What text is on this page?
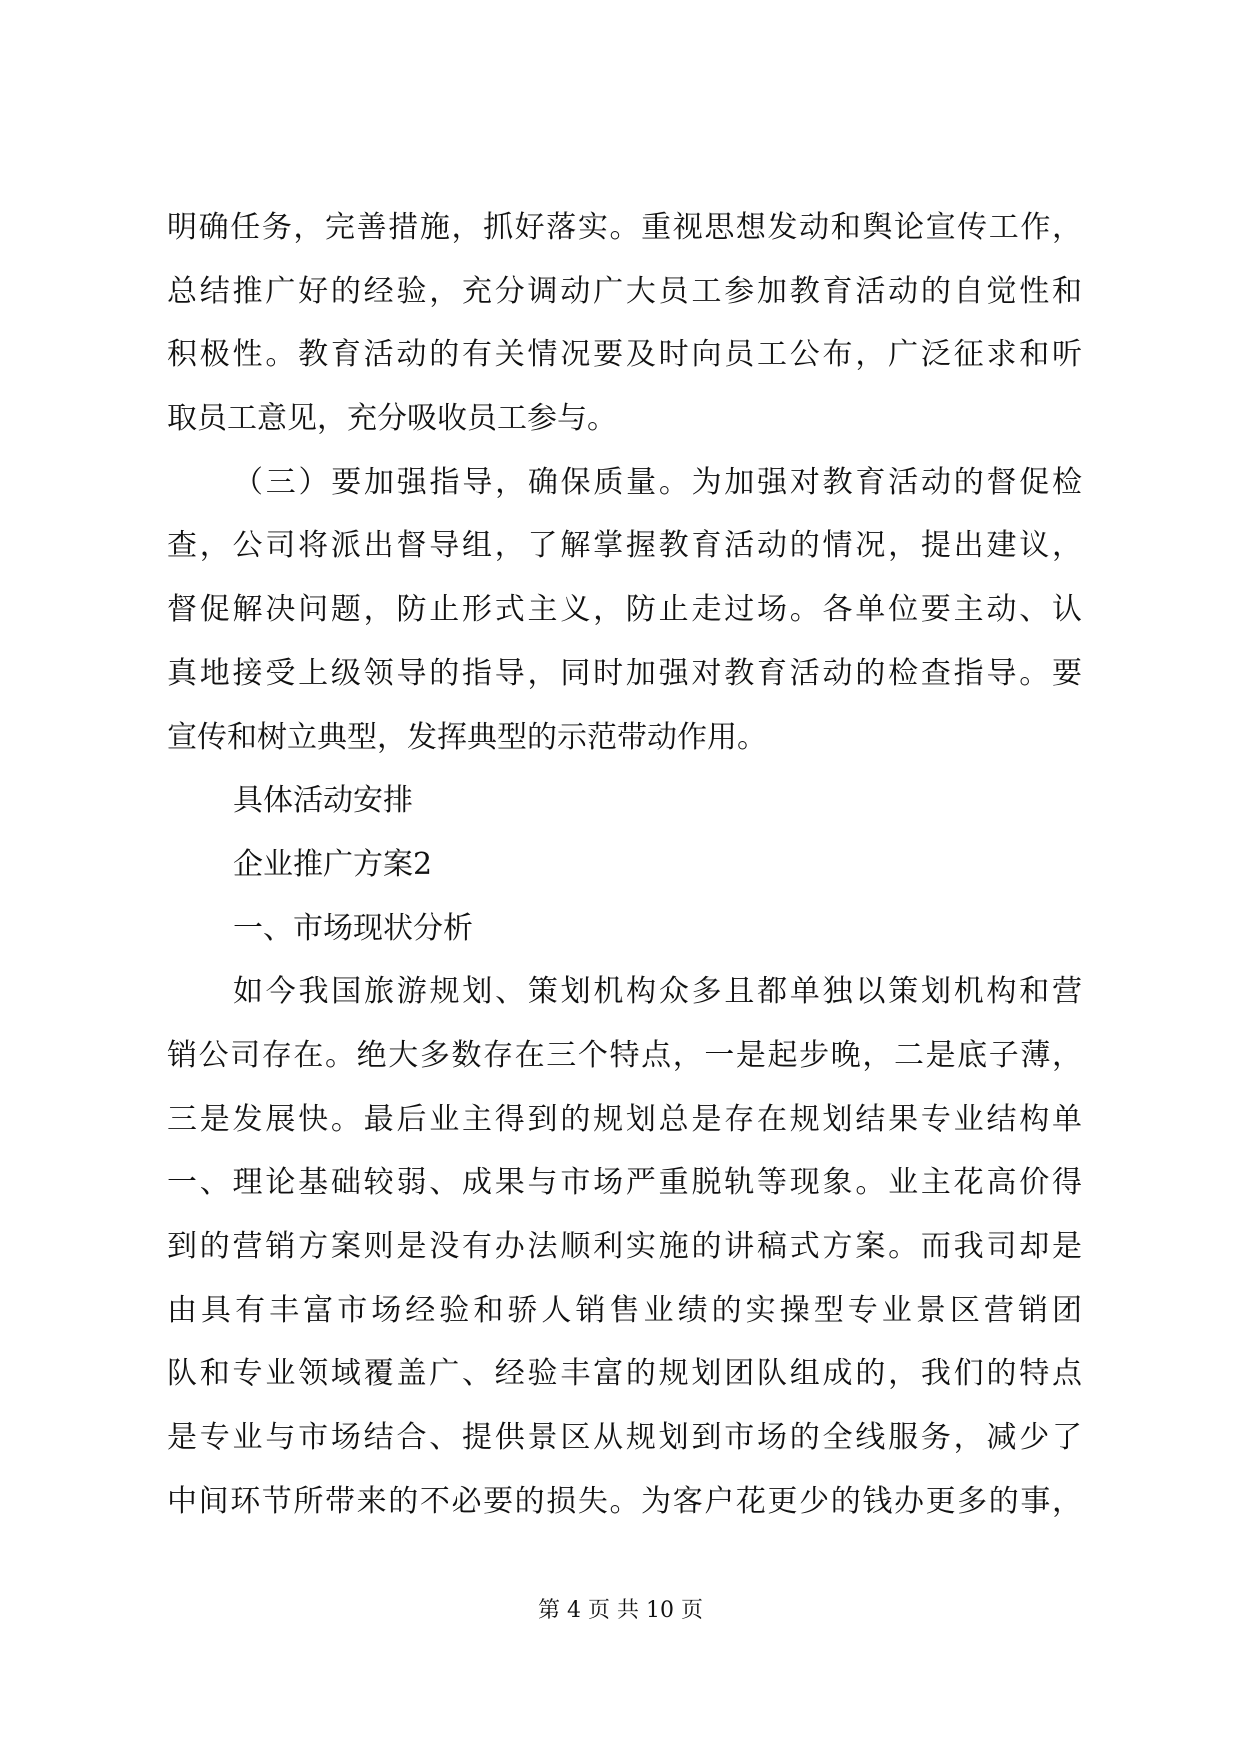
明确任务，完善措施，抓好落实。重视思想发动和舆论宣传工作，
总结推广好的经验，充分调动广大员工参加教育活动的自觉性和
积极性。教育活动的有关情况要及时向员工公布，广泛征求和听
取员工意见，充分吸收员工参与。
（三）要加强指导，确保质量。为加强对教育活动的督促检
查，公司将派出督导组，了解掌握教育活动的情况，提出建议，
督促解决问题，防止形式主义，防止走过场。各单位要主动、认
真地接受上级领导的指导，同时加强对教育活动的检查指导。要
宣传和树立典型，发挥典型的示范带动作用。
具体活动安排
企业推广方案2
一、市场现状分析
如今我国旅游规划、策划机构众多且都单独以策划机构和营
销公司存在。绝大多数存在三个特点，一是起步晚，二是底子薄，
三是发展快。最后业主得到的规划总是存在规划结果专业结构单
一、理论基础较弱、成果与市场严重脱轨等现象。业主花高价得
到的营销方案则是没有办法顺利实施的讲稿式方案。而我司却是
由具有丰富市场经验和骄人销售业绩的实操型专业景区营销团
队和专业领域覆盖广、经验丰富的规划团队组成的，我们的特点
是专业与市场结合、提供景区从规划到市场的全线服务，减少了
中间环节所带来的不必要的损失。为客户花更少的钱办更多的事，
第 4 页 共 10 页
